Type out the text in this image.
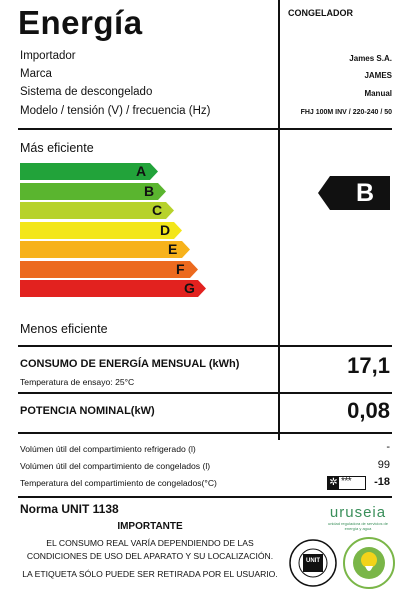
Energía	CONGELADOR
Importador	James S.A.
Marca	JAMES
Sistema de descongelado	Manual
Modelo / tensión (V) / frecuencia (Hz)	FHJ 100M INV / 220-240 / 50
Más eficiente
A
B
C
D
E
F
G
B
Menos eficiente
CONSUMO DE ENERGÍA MENSUAL (kWh)
Temperatura de ensayo: 25°C
17,1
POTENCIA NOMINAL(kW)	0,08
Volúmen útil del compartimiento refrigerado (l)	-
Volúmen útil del compartimiento de congelados (l)	99
Temperatura del compartimiento de congelados(°C)	✲ *** -18
Norma UNIT 1138
IMPORTANTE
EL CONSUMO REAL VARÍA DEPENDIENDO DE LAS CONDICIONES DE USO DEL APARATO Y SU LOCALIZACIÓN.
LA ETIQUETA SÓLO PUEDE SER RETIRADA POR EL USUARIO.
uruseia
unidad reguladora de servicios de energía y agua
UNIT
